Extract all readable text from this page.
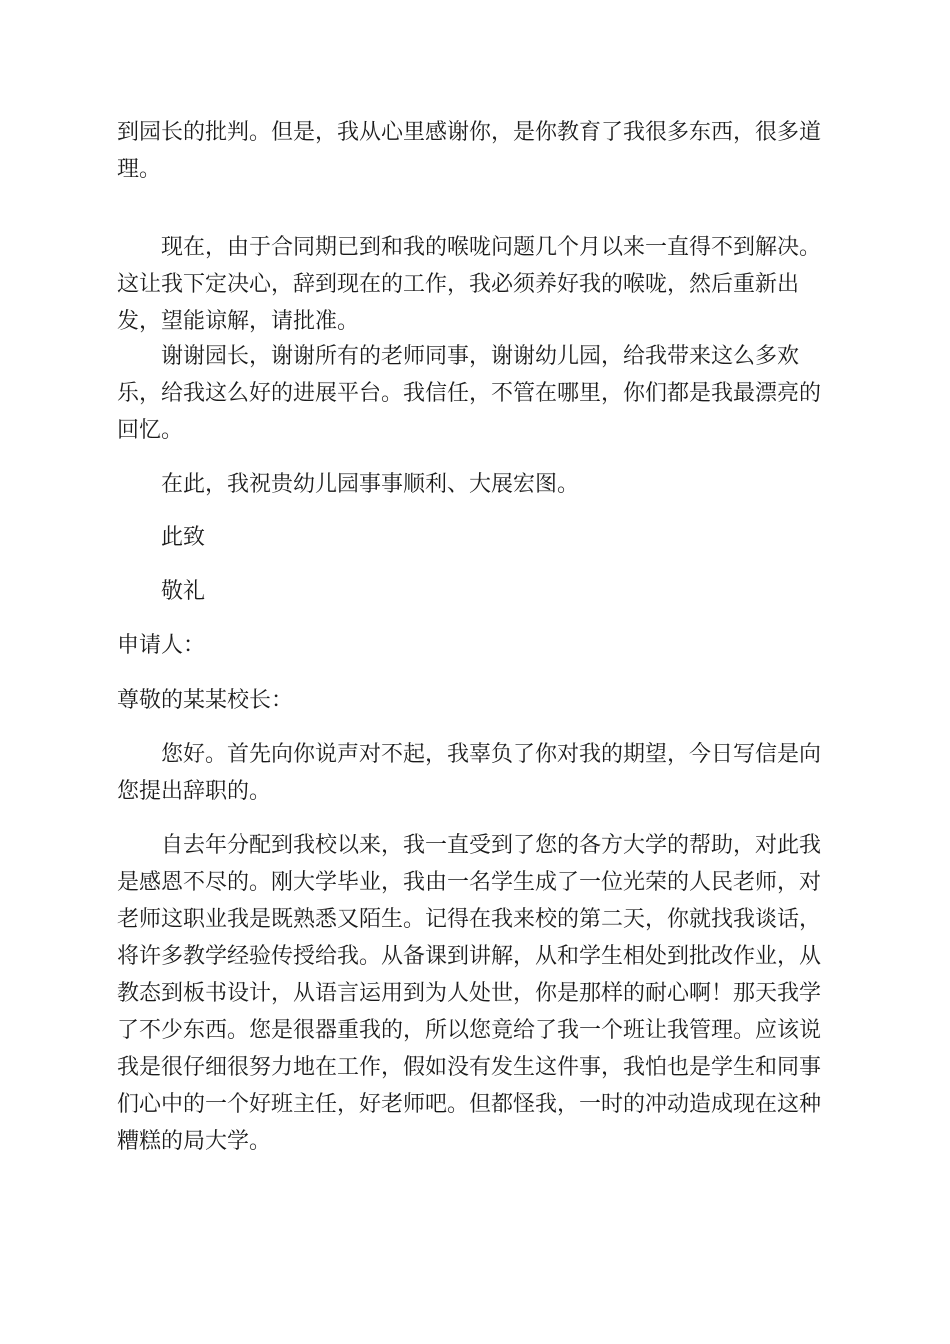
到园长的批判。但是，我从心里感谢你，是你教育了我很多东西，很多道
理。
现在，由于合同期已到和我的喉咙问题几个月以来一直得不到解决。
这让我下定决心，辞到现在的工作，我必须养好我的喉咙，然后重新出
发，望能谅解，请批准。
谢谢园长，谢谢所有的老师同事，谢谢幼儿园，给我带来这么多欢
乐，给我这么好的进展平台。我信任，不管在哪里，你们都是我最漂亮的
回忆。
在此，我祝贵幼儿园事事顺利、大展宏图。
此致
敬礼
申请人：
尊敬的某某校长：
您好。首先向你说声对不起，我辜负了你对我的期望，今日写信是向
您提出辞职的。
自去年分配到我校以来，我一直受到了您的各方大学的帮助，对此我
是感恩不尽的。刚大学毕业，我由一名学生成了一位光荣的人民老师，对
老师这职业我是既熟悉又陌生。记得在我来校的第二天，你就找我谈话，
将许多教学经验传授给我。从备课到讲解，从和学生相处到批改作业，从
教态到板书设计，从语言运用到为人处世，你是那样的耐心啊！那天我学
了不少东西。您是很器重我的，所以您竟给了我一个班让我管理。应该说
我是很仔细很努力地在工作，假如没有发生这件事，我怕也是学生和同事
们心中的一个好班主任，好老师吧。但都怪我，一时的冲动造成现在这种
糟糕的局大学。
